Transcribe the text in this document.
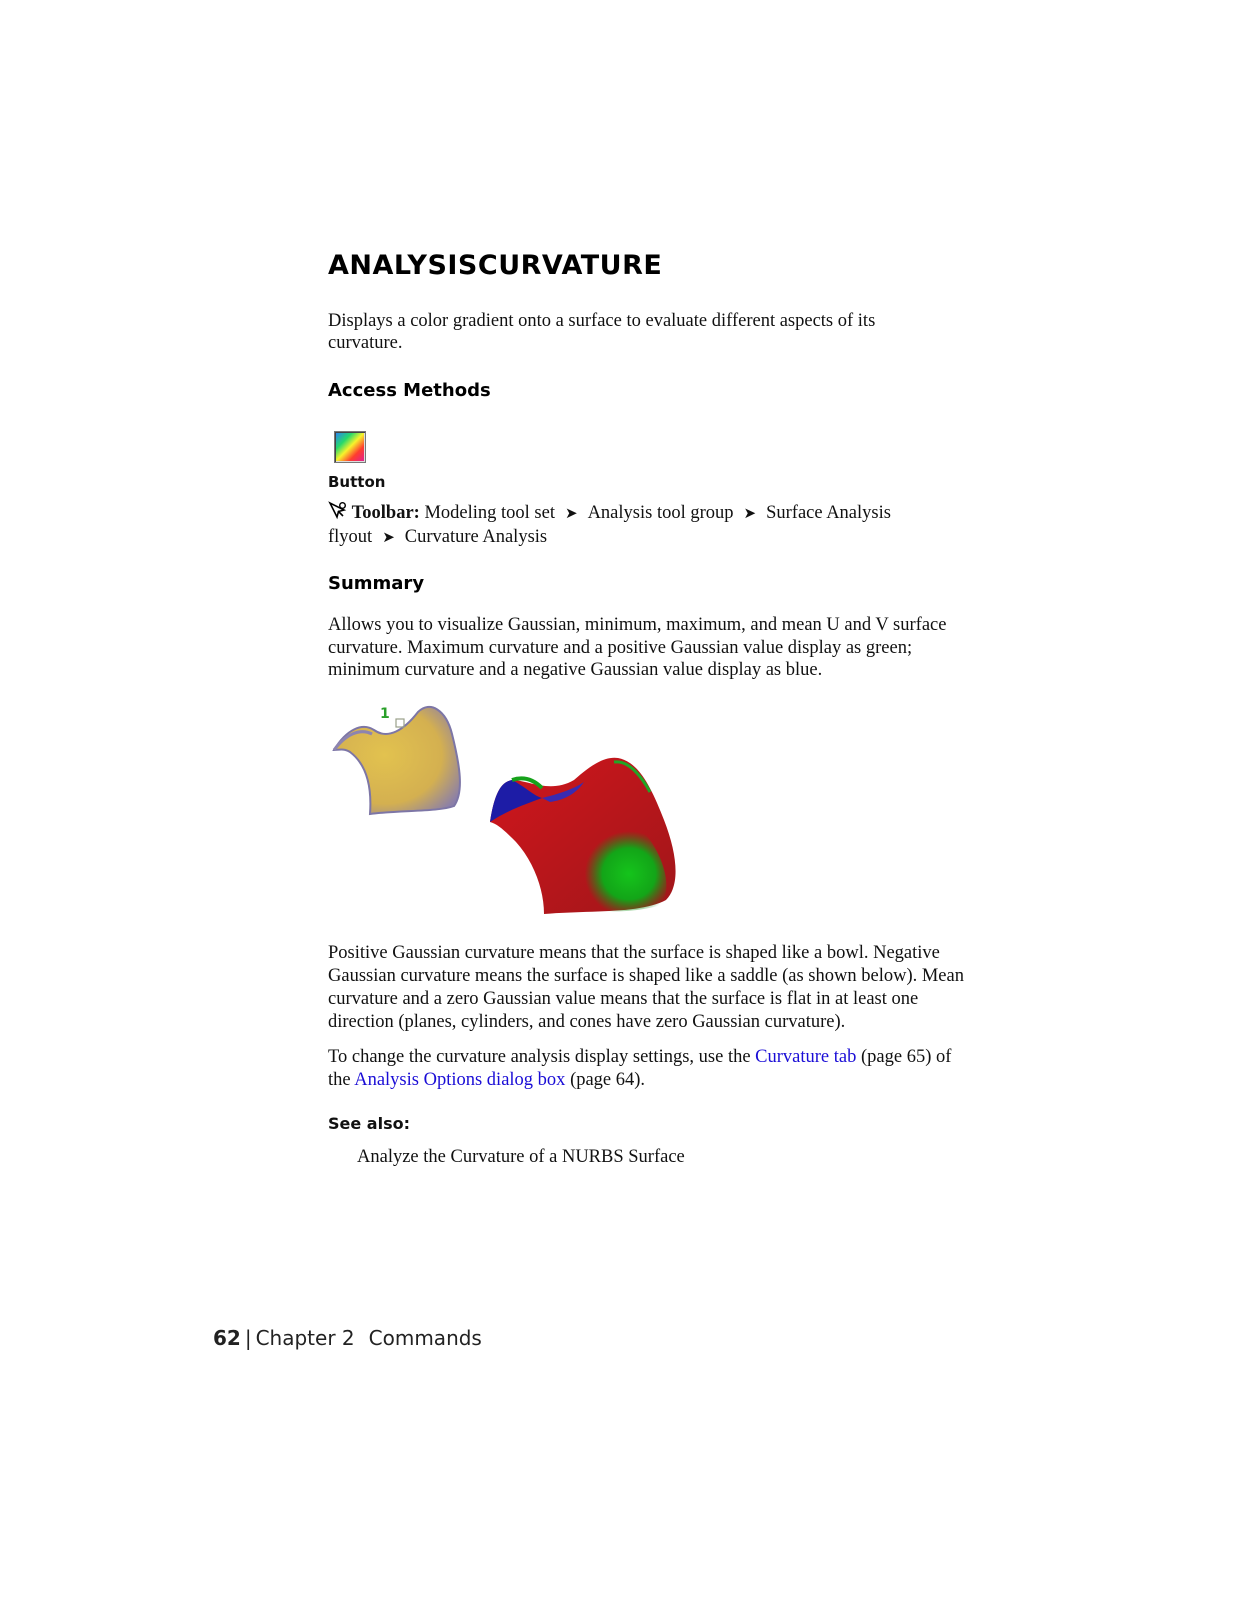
ANALYSISCURVATURE

Displays a color gradient onto a surface to evaluate different aspects of its curvature.

Access Methods

Button

Toolbar: Modeling tool set ➤ Analysis tool group ➤ Surface Analysis flyout ➤ Curvature Analysis
Summary

Allows you to visualize Gaussian, minimum, maximum, and mean U and V surface curvature. Maximum curvature and a positive Gaussian value display as green; minimum curvature and a negative Gaussian value display as blue.

1

Positive Gaussian curvature means that the surface is shaped like a bowl. Negative Gaussian curvature means the surface is shaped like a saddle (as shown below). Mean curvature and a zero Gaussian value means that the surface is flat in at least one direction (planes, cylinders, and cones have zero Gaussian curvature).

To change the curvature analysis display settings, use the Curvature tab (page 65) of the Analysis Options dialog box (page 64).

See also:

Analyze the Curvature of a NURBS Surface

62 | Chapter 2 Commands
